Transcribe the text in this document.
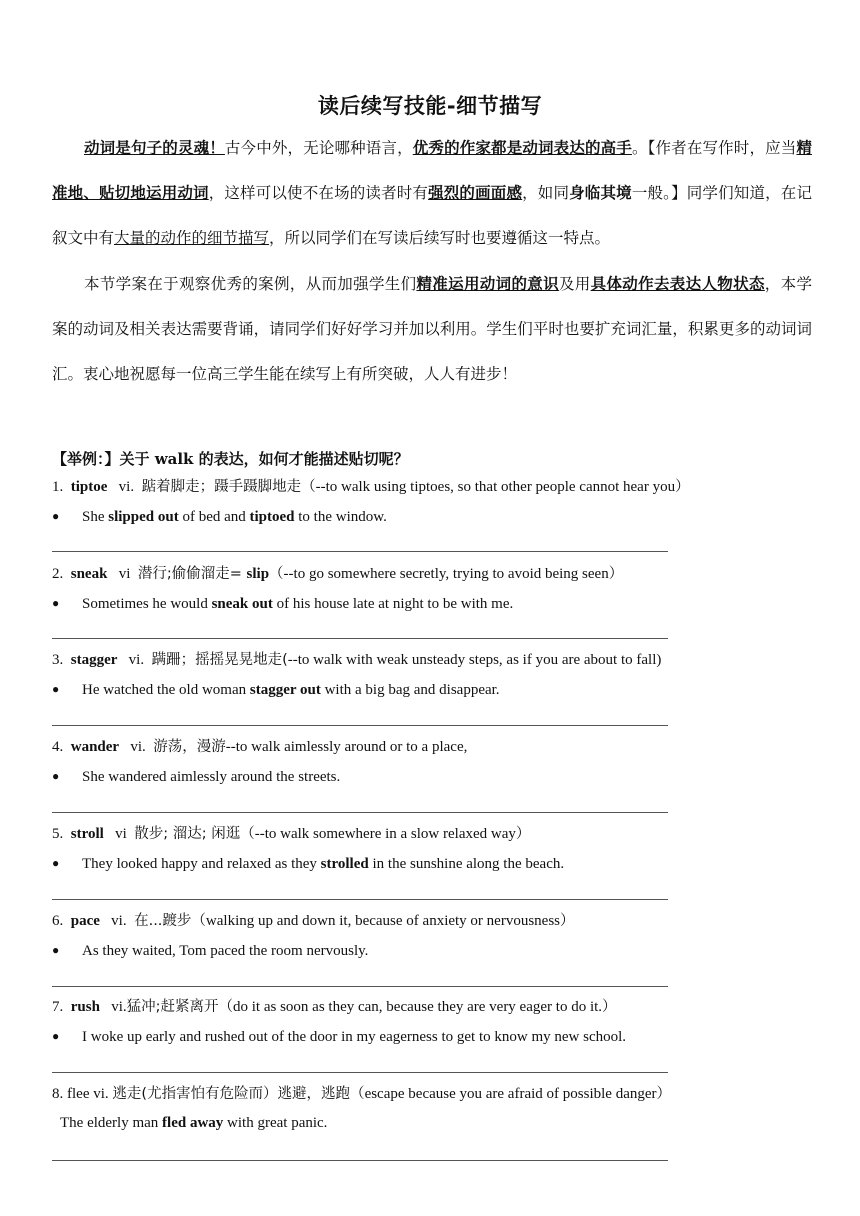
读后续写技能-细节描写

动词是句子的灵魂！古今中外，无论哪种语言，优秀的作家都是动词表达的高手。【作者在写作时，应当精准地、贴切地运用动词，这样可以使不在场的读者时有强烈的画面感，如同身临其境一般。】同学们知道，在记叙文中有大量的动作的细节描写，所以同学们在写读后续写时也要遵循这一特点。

本节学案在于观察优秀的案例，从而加强学生们精准运用动词的意识及用具体动作去表达人物状态，本学案的动词及相关表达需要背诵，请同学们好好学习并加以利用。学生们平时也要扩充词汇量，积累更多的动词词汇。衷心地祝愿每一位高三学生能在续写上有所突破，人人有进步！

【举例：】关于 walk 的表达，如何才能描述贴切呢？
1. tiptoe vi. 踮着脚走；蹑手蹑脚地走（--to walk using tiptoes, so that other people cannot hear you）
● She slipped out of bed and tiptoed to the window.
2. sneak vi 潜行;偷偷溜走= slip（--to go somewhere secretly, trying to avoid being seen）
● Sometimes he would sneak out of his house late at night to be with me.
3. stagger vi. 蹒跚；摇摇晃晃地走(--to walk with weak unsteady steps, as if you are about to fall)
● He watched the old woman stagger out with a big bag and disappear.
4. wander vi. 游荡，漫游--to walk aimlessly around or to a place,
● She wandered aimlessly around the streets.
5. stroll vi 散步; 溜达; 闲逛（--to walk somewhere in a slow relaxed way）
● They looked happy and relaxed as they strolled in the sunshine along the beach.
6. pace vi. 在...踱步（walking up and down it, because of anxiety or nervousness）
● As they waited, Tom paced the room nervously.
7. rush vi.猛冲;赶紧离开（do it as soon as they can, because they are very eager to do it.）
● I woke up early and rushed out of the door in my eagerness to get to know my new school.
8. flee vi. 逃走(尤指害怕有危险而）逃避，逃跑（escape because you are afraid of possible danger）
The elderly man fled away with great panic.
